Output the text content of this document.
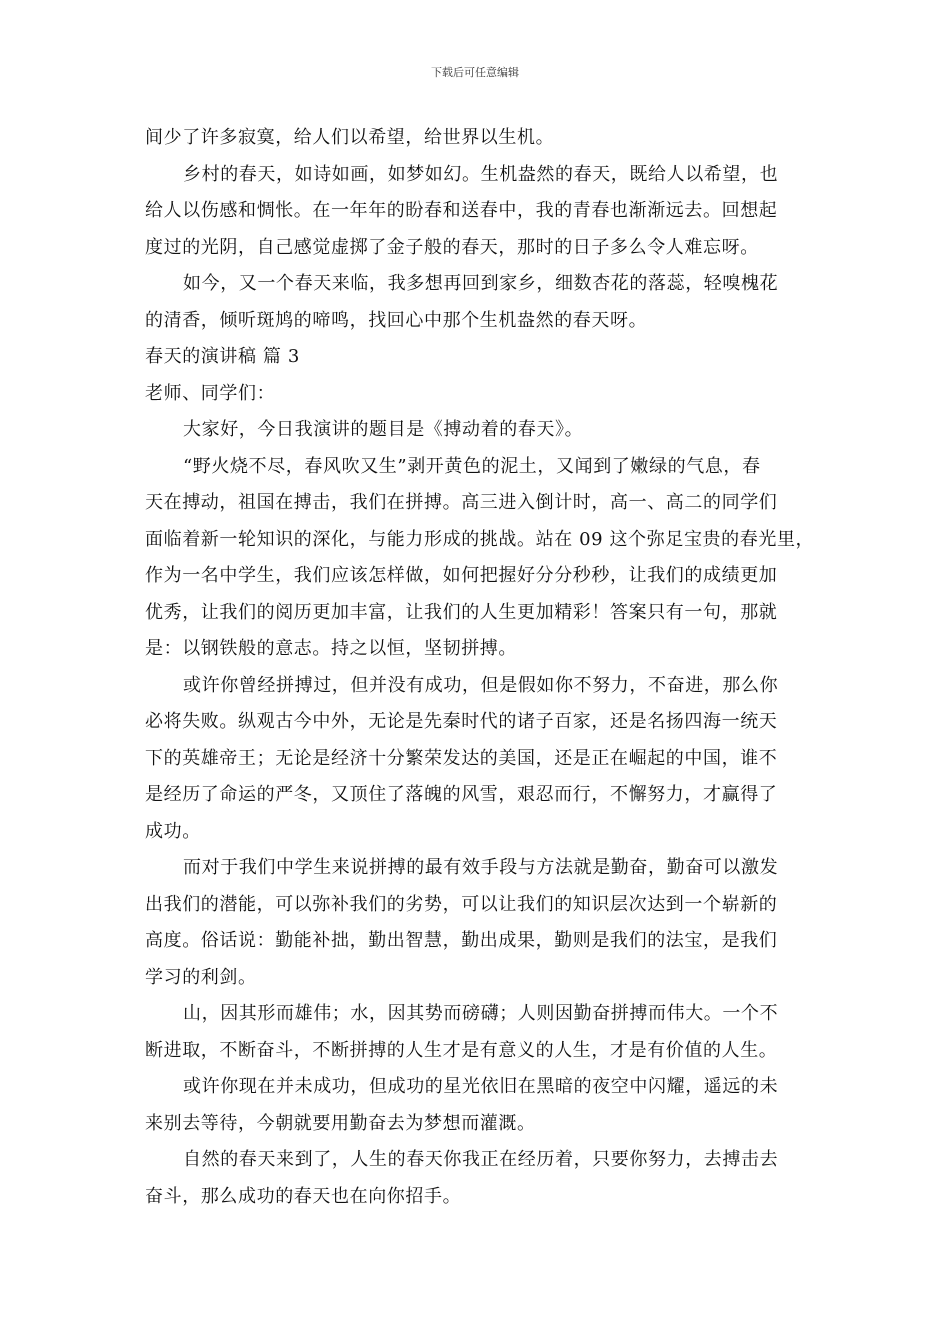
下载后可任意编辑
间少了许多寂寞，给人们以希望，给世界以生机。
乡村的春天，如诗如画，如梦如幻。生机盎然的春天，既给人以希望，也
给人以伤感和惆怅。在一年年的盼春和送春中，我的青春也渐渐远去。回想起
度过的光阴，自己感觉虚掷了金子般的春天，那时的日子多么令人难忘呀。
如今，又一个春天来临，我多想再回到家乡，细数杏花的落蕊，轻嗅槐花
的清香，倾听斑鸠的啼鸣，找回心中那个生机盎然的春天呀。
春天的演讲稿 篇 3
老师、同学们：
大家好，今日我演讲的题目是《搏动着的春天》。
“野火烧不尽，春风吹又生”剥开黄色的泥土，又闻到了嫩绿的气息，春
天在搏动，祖国在搏击，我们在拼搏。高三进入倒计时，高一、高二的同学们
面临着新一轮知识的深化，与能力形成的挑战。站在 09 这个弥足宝贵的春光里，
作为一名中学生，我们应该怎样做，如何把握好分分秒秒，让我们的成绩更加
优秀，让我们的阅历更加丰富，让我们的人生更加精彩！答案只有一句，那就
是：以钢铁般的意志。持之以恒，坚韧拼搏。
或许你曾经拼搏过，但并没有成功，但是假如你不努力，不奋进，那么你
必将失败。纵观古今中外，无论是先秦时代的诸子百家，还是名扬四海一统天
下的英雄帝王；无论是经济十分繁荣发达的美国，还是正在崛起的中国，谁不
是经历了命运的严冬，又顶住了落魄的风雪，艰忍而行，不懈努力，才赢得了
成功。
而对于我们中学生来说拼搏的最有效手段与方法就是勤奋，勤奋可以激发
出我们的潜能，可以弥补我们的劣势，可以让我们的知识层次达到一个崭新的
高度。俗话说：勤能补拙，勤出智慧，勤出成果，勤则是我们的法宝，是我们
学习的利剑。
山，因其形而雄伟；水，因其势而磅礴；人则因勤奋拼搏而伟大。一个不
断进取，不断奋斗，不断拼搏的人生才是有意义的人生，才是有价值的人生。
或许你现在并未成功，但成功的星光依旧在黑暗的夜空中闪耀，遥远的未
来别去等待，今朝就要用勤奋去为梦想而灌溉。
自然的春天来到了，人生的春天你我正在经历着，只要你努力，去搏击去
奋斗，那么成功的春天也在向你招手。
